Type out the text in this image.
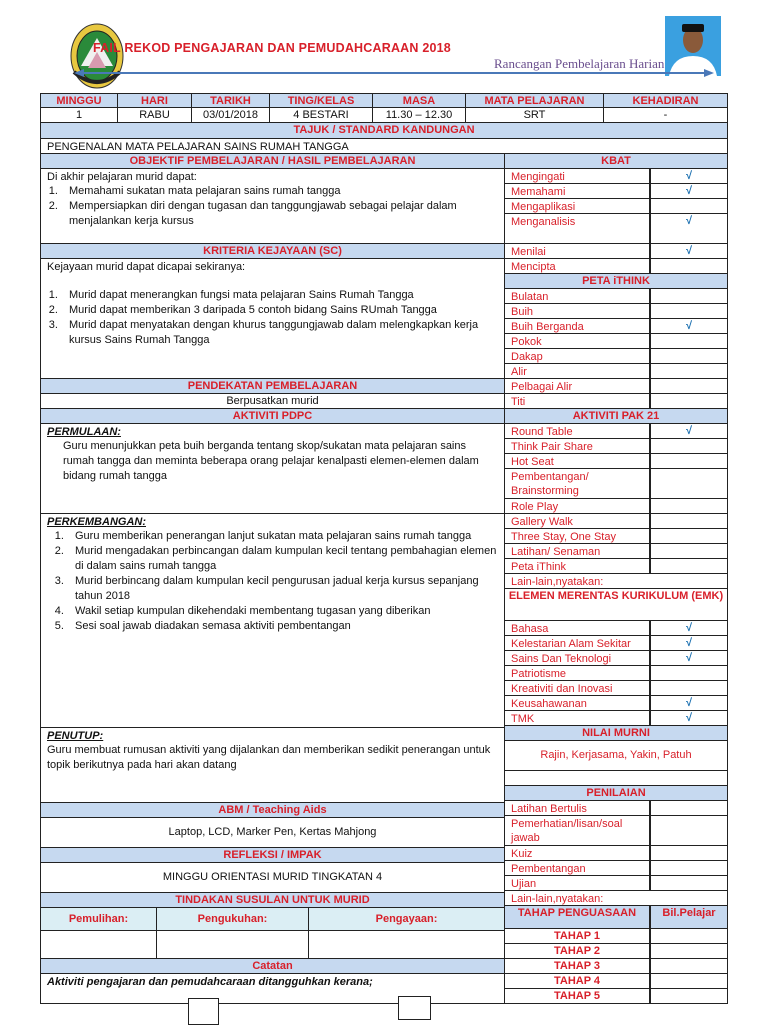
FAIL REKOD PENGAJARAN DAN PEMUDAHCARAAN 2018
Rancangan Pembelajaran Harian
MINGGU	HARI	TARIKH	TING/KELAS	MASA	MATA PELAJARAN	KEHADIRAN
1	RABU	03/01/2018	4 BESTARI	11.30 – 12.30	SRT	-
TAJUK / STANDARD KANDUNGAN
PENGENALAN MATA PELAJARAN SAINS RUMAH TANGGA
OBJEKTIF PEMBELAJARAN / HASIL PEMBELAJARAN
Di akhir pelajaran murid dapat:
1. Memahami sukatan mata pelajaran sains rumah tangga
2. Mempersiapkan diri dengan tugasan dan tanggungjawab sebagai pelajar dalam menjalankan kerja kursus
KRITERIA KEJAYAAN (SC)
Kejayaan murid dapat dicapai sekiranya:
1. Murid dapat menerangkan fungsi mata pelajaran Sains Rumah Tangga
2. Murid dapat memberikan 3 daripada 5 contoh bidang Sains RUmah Tangga
3. Murid dapat menyatakan dengan khurus tanggungjawab dalam melengkapkan kerja kursus Sains Rumah Tangga
PENDEKATAN PEMBELAJARAN
Berpusatkan murid
AKTIVITI PDPC
PERMULAAN:
Guru menunjukkan peta buih berganda tentang skop/sukatan mata pelajaran sains rumah tangga dan meminta beberapa orang pelajar kenalpasti elemen-elemen dalam bidang rumah tangga
PERKEMBANGAN:
1. Guru memberikan penerangan lanjut sukatan mata pelajaran sains rumah tangga
2. Murid mengadakan perbincangan dalam kumpulan kecil tentang pembahagian elemen di dalam sains rumah tangga
3. Murid berbincang dalam kumpulan kecil pengurusan jadual kerja kursus sepanjang tahun 2018
4. Wakil setiap kumpulan dikehendaki membentang tugasan yang diberikan
5. Sesi soal jawab diadakan semasa aktiviti pembentangan
PENUTUP:
Guru membuat rumusan aktiviti yang dijalankan dan memberikan sedikit penerangan untuk topik berikutnya pada hari akan datang
ABM / Teaching Aids
Laptop, LCD, Marker Pen, Kertas Mahjong
REFLEKSI / IMPAK
MINGGU ORIENTASI MURID TINGKATAN 4
TINDAKAN SUSULAN UNTUK MURID
Pemulihan:	Pengukuhan:	Pengayaan:
Catatan
Aktiviti pengajaran dan pemudahcaraan ditangguhkan kerana;
KBAT
Mengingati	√
Memahami	√
Mengaplikasi
Menganalisis	√
Menilai	√
Mencipta
PETA iTHINK
Bulatan
Buih
Buih Berganda	√
Pokok
Dakap
Alir
Pelbagai Alir
Titi
AKTIVITI PAK 21
Round Table	√
Think Pair Share
Hot Seat
Pembentangan/ Brainstorming
Role Play
Gallery Walk
Three Stay, One Stay
Latihan/ Senaman
Peta iThink
Lain-lain,nyatakan:
ELEMEN MERENTAS KURIKULUM (EMK)
Bahasa	√
Kelestarian Alam Sekitar	√
Sains Dan Teknologi	√
Patriotisme
Kreativiti dan Inovasi
Keusahawanan	√
TMK	√
NILAI MURNI
Rajin, Kerjasama, Yakin, Patuh
PENILAIAN
Latihan Bertulis
Pemerhatian/lisan/soal jawab
Kuiz
Pembentangan
Ujian
Lain-lain,nyatakan:
TAHAP PENGUASAAN	Bil.Pelajar
TAHAP 1
TAHAP 2
TAHAP 3
TAHAP 4
TAHAP 5
